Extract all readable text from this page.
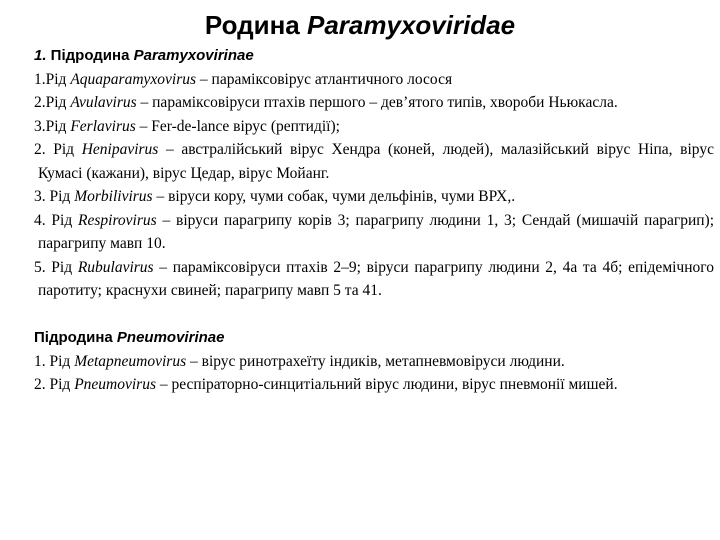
Родина Paramyxoviridae
1. Підродина Paramyxovirinae
1.Рід Aquaparamyxovirus – параміксовірус атлантичного лосося
2.Рід Avulavirus – параміксовіруси птахів першого – дев’ятого типів, хвороби Ньюкасла.
3.Рід Ferlavirus – Fer-de-lance вірус (рептидії);
2. Рід Henipavirus – австралійський вірус Хендра (коней, людей), малазійський вірус Ніпа, вірус Кумасі (кажани), вірус Цедар, вірус Мойанг.
3. Рід Morbilivirus – віруси кору, чуми собак, чуми дельфінів, чуми ВРХ,.
4. Рід Respirovirus – віруси парагрипу корів 3; парагрипу людини 1, 3; Сендай (мишачій парагрип); парагрипу мавп 10.
5. Рід Rubulavirus – параміксовіруси птахів 2–9; віруси парагрипу людини 2, 4а та 4б; епідемічного паротиту; краснухи свиней; парагрипу мавп 5 та 41.
Підродина Pneumovirinae
1. Рід Metapneumovirus – вірус ринотрахеїту індиків, метапневмовіруси людини.
2. Рід Pneumovirus – респіраторно-синцитіальний вірус людини, вірус пневмонії мишей.
